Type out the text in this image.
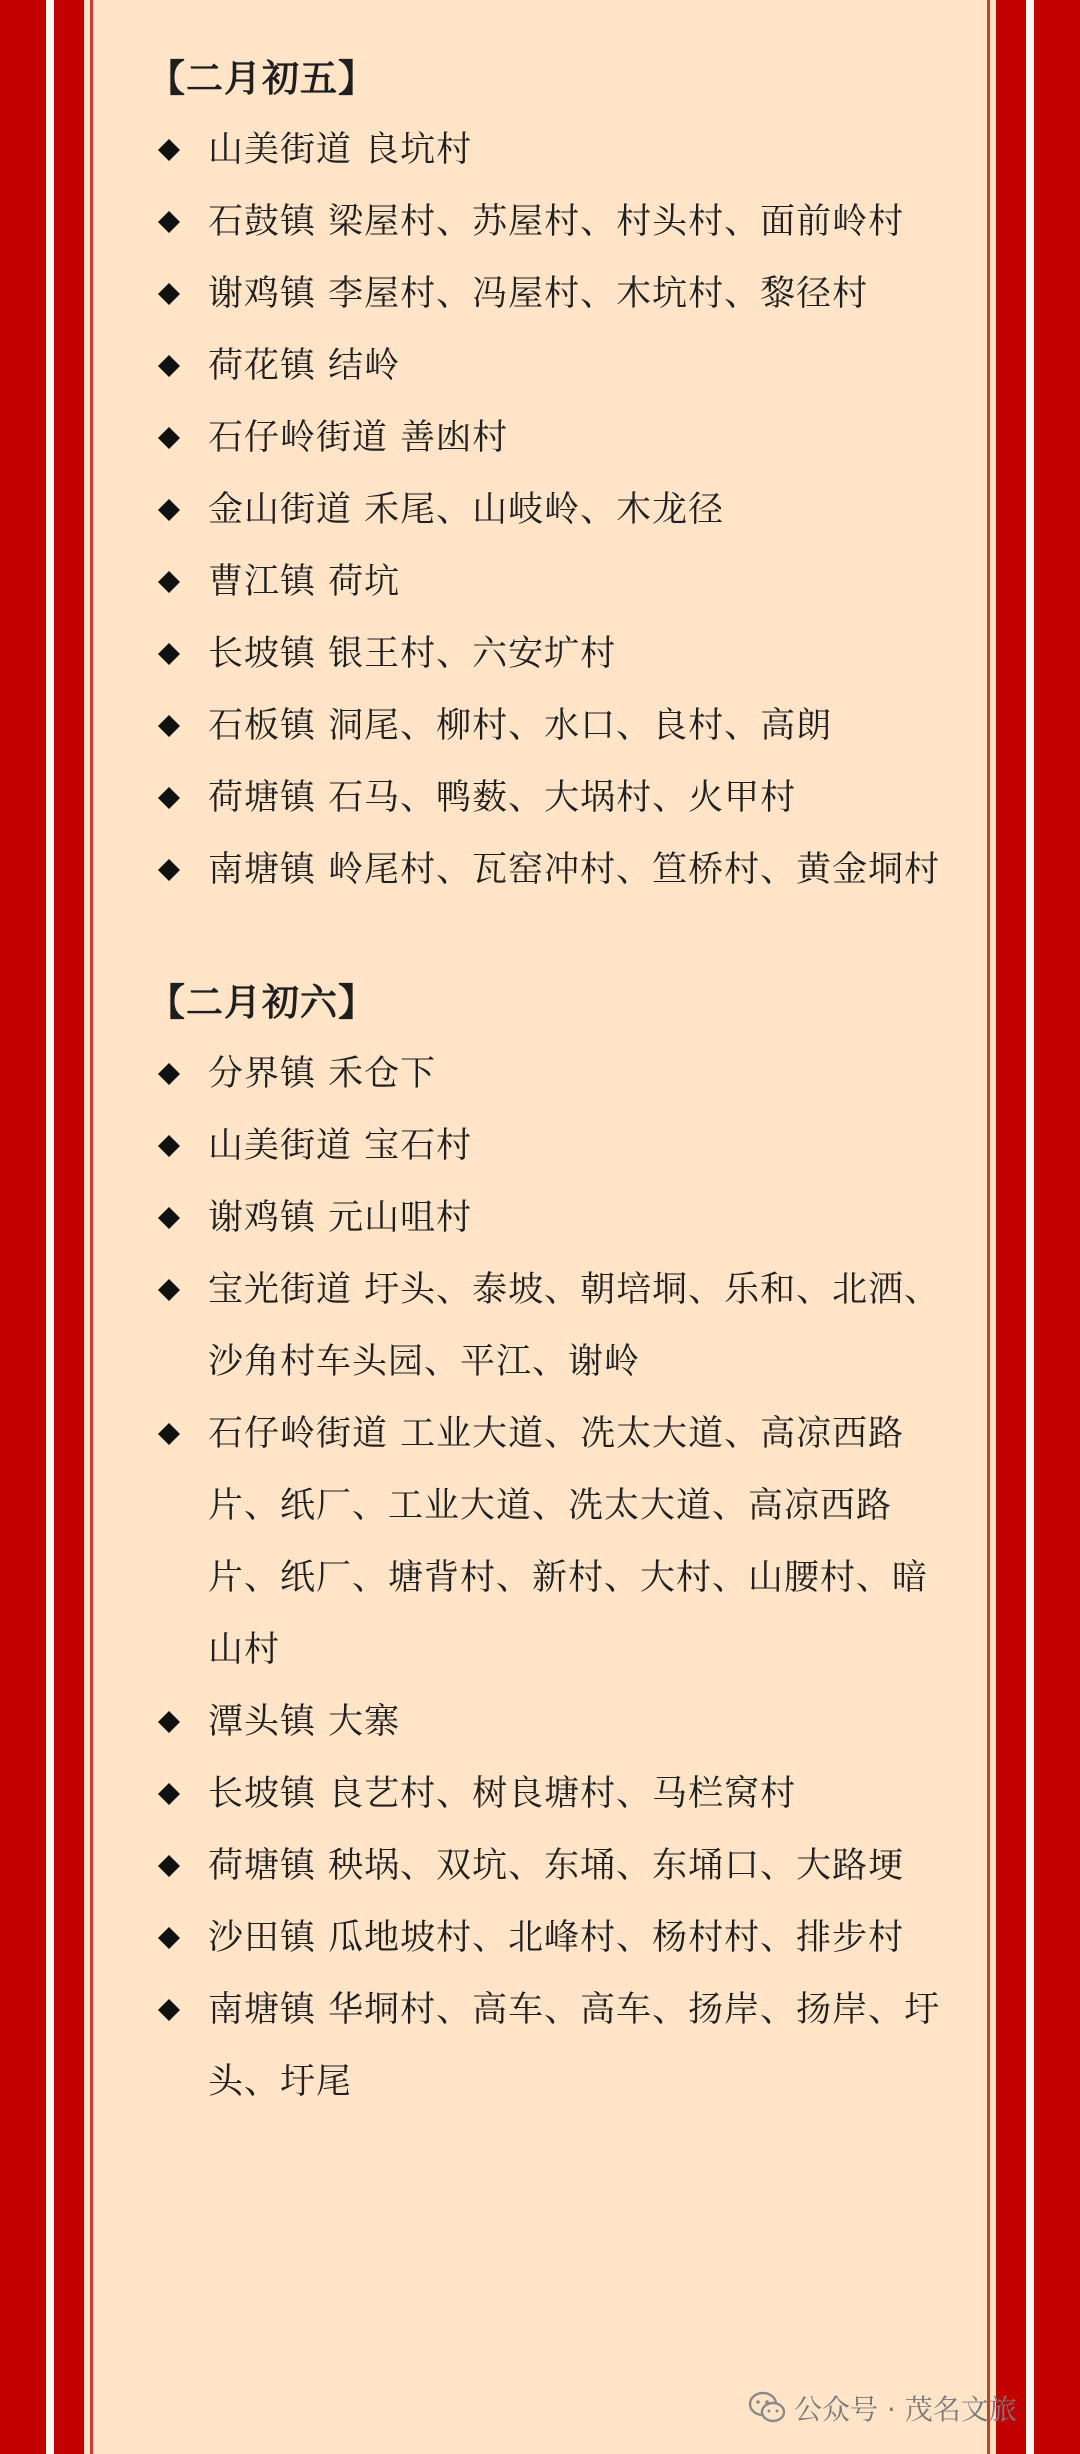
【二月初五】
山美街道 良坑村
石鼓镇 梁屋村、苏屋村、村头村、面前岭村
谢鸡镇 李屋村、冯屋村、木坑村、黎径村
荷花镇 结岭
石仔岭街道 善凼村
金山街道 禾尾、山岐岭、木龙径
曹江镇 荷坑
长坡镇 银王村、六安圹村
石板镇 洞尾、柳村、水口、良村、高朗
荷塘镇 石马、鸭薮、大埚村、火甲村
南塘镇 岭尾村、瓦窑冲村、笪桥村、黄金垌村
【二月初六】
分界镇 禾仓下
山美街道 宝石村
谢鸡镇 元山咀村
宝光街道 圩头、泰坡、朝培垌、乐和、北洒、沙角村车头园、平江、谢岭
石仔岭街道 工业大道、冼太大道、高凉西路片、纸厂、工业大道、冼太大道、高凉西路片、纸厂、塘背村、新村、大村、山腰村、暗山村
潭头镇 大寨
长坡镇 良艺村、树良塘村、马栏窝村
荷塘镇 秧埚、双坑、东埇、东埇口、大路埂
沙田镇 瓜地坡村、北峰村、杨村村、排步村
南塘镇 华垌村、高车、高车、扬岸、扬岸、圩头、圩尾
公众号 · 茂名文旅
